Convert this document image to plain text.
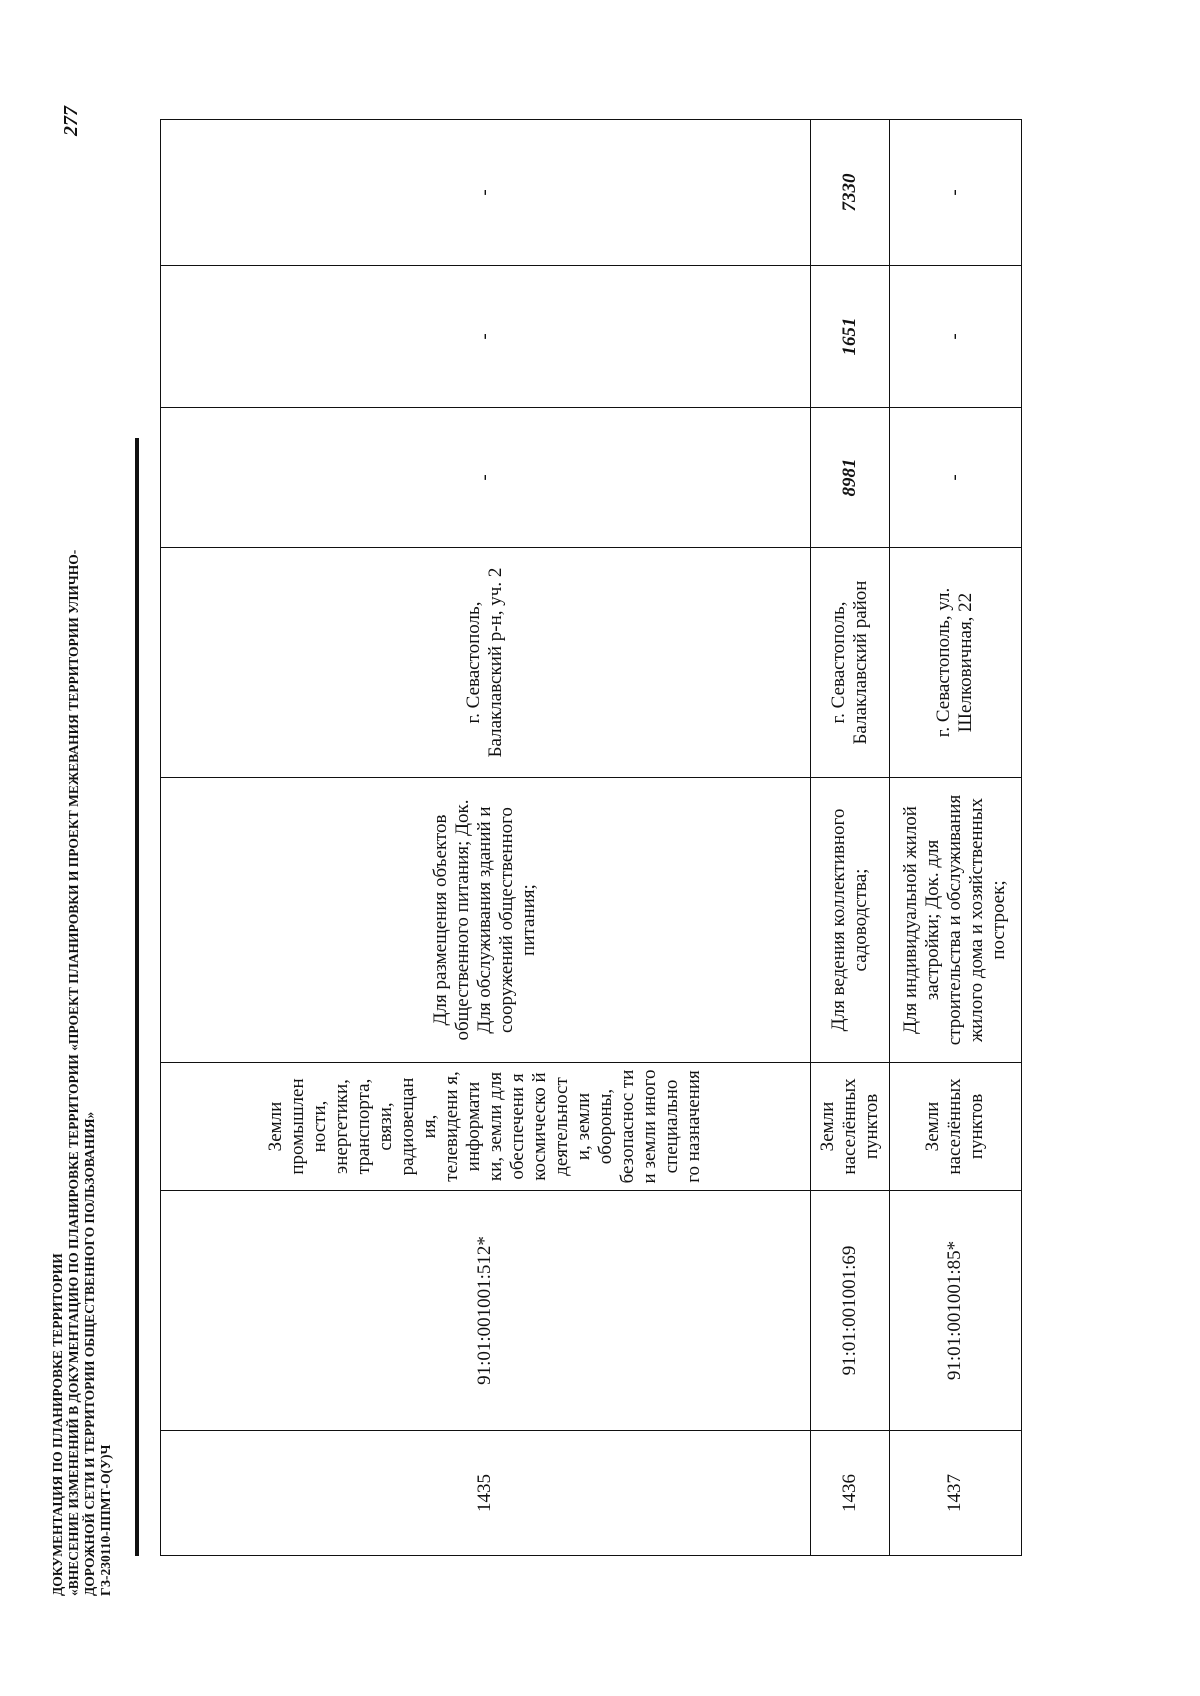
ДОКУМЕНТАЦИЯ ПО ПЛАНИРОВКЕ ТЕРРИТОРИИ «ВНЕСЕНИЕ ИЗМЕНЕНИЙ В ДОКУМЕНТАЦИЮ ПО ПЛАНИРОВКЕ ТЕРРИТОРИИ «ПРОЕКТ ПЛАНИРОВКИ И ПРОЕКТ МЕЖЕВАНИЯ ТЕРРИТОРИИ УЛИЧНО- ДОРОЖНОЙ СЕТИ И ТЕРРИТОРИИ ОБЩЕСТВЕННОГО ПОЛЬЗОВАНИЯ» ГЗ-230110-ППМТ-О(У)Ч
277
1435	91:01:001001:512*	Земли промышлен ности, энергетики, транспорта, связи, радиовещан ия, телевидени я, информати ки, земли для обеспечени я космическо й деятельност и, земли обороны, безопаснос ти и земли иного специально го назначения	Для размещения объектов общественного питания; Док. Для обслуживания зданий и сооружений общественного питания;	г. Севастополь, Балаклавский р-н, уч. 2	-	-	-
1436	91:01:001001:69	Земли населённых пунктов	Для ведения коллективного садоводства;	г. Севастополь, Балаклавский район	8981	1651	7330
1437	91:01:001001:85*	Земли населённых пунктов	Для индивидуальной жилой застройки; Док. для строительства и обслуживания жилого дома и хозяйственных построек;	г. Севастополь, ул. Шелковичная, 22	-	-	-
